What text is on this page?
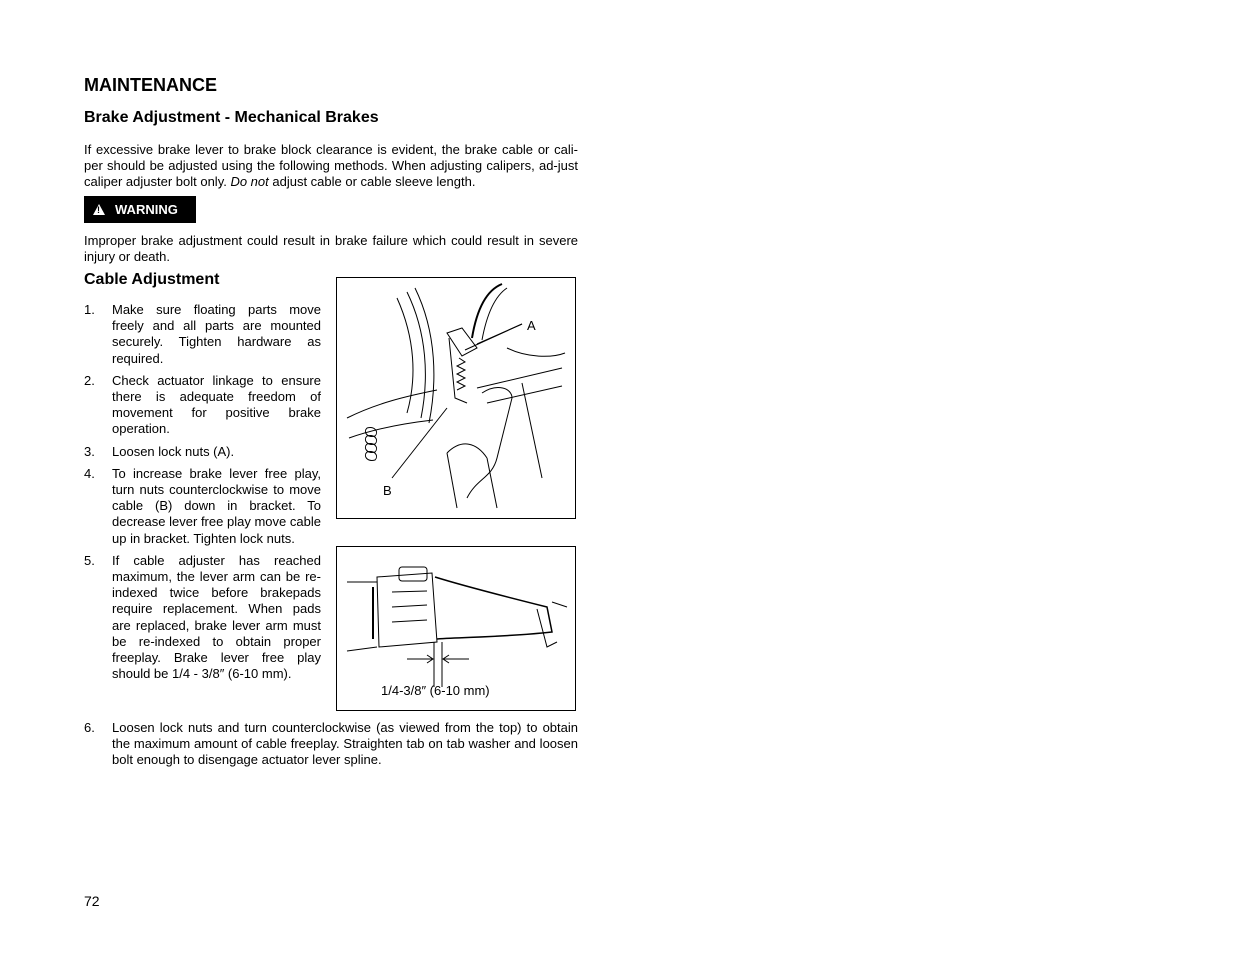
MAINTENANCE
Brake Adjustment - Mechanical Brakes

If excessive brake lever to brake block clearance is evident, the brake cable or cali-per should be adjusted using the following methods. When adjusting calipers, ad-just caliper adjuster bolt only. Do not adjust cable or cable sleeve length.

!
WARNING

Improper brake adjustment could result in brake failure which could result in severe injury or death.

Cable Adjustment
1.	Make sure floating parts move freely and all parts are mounted securely. Tighten hardware as required.
2.	Check actuator linkage to ensure there is adequate freedom of movement for positive brake operation.
3.	Loosen lock nuts (A).
4.	To increase brake lever free play, turn nuts counterclockwise to move cable (B) down in bracket. To decrease lever free play move cable up in bracket. Tighten lock nuts.
5.	If cable adjuster has reached maximum, the lever arm can be re-indexed twice before brakepads require replacement. When pads are replaced, brake lever arm must be re-indexed to obtain proper freeplay. Brake lever free play should be 1/4 - 3/8″ (6-10 mm).
6.	Loosen lock nuts and turn counterclockwise (as viewed from the top) to obtain the maximum amount of cable freeplay. Straighten tab on tab washer and loosen bolt enough to disengage actuator lever spline.
A
B
1/4-3/8″ (6-10 mm)
72
